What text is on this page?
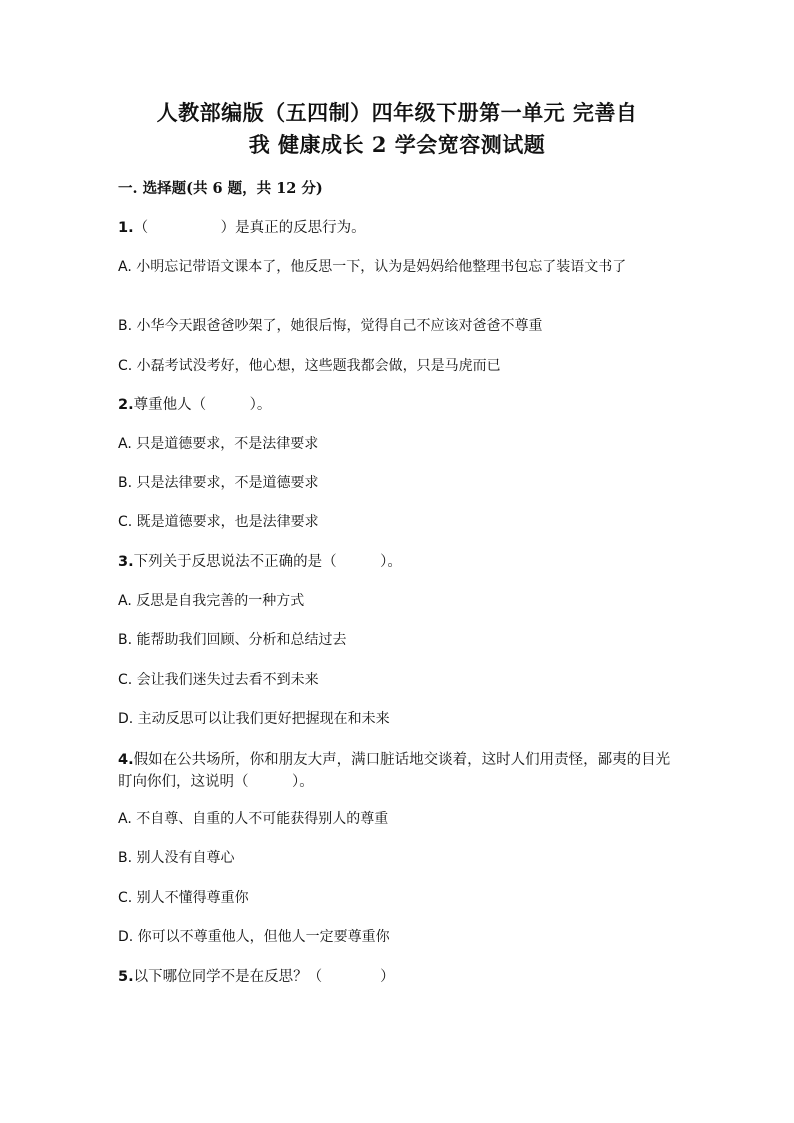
人教部编版（五四制）四年级下册第一单元 完善自
我 健康成长 2 学会宽容测试题
一. 选择题(共 6 题，共 12 分)
1.（　　　　　）是真正的反思行为。
A. 小明忘记带语文课本了，他反思一下，认为是妈妈给他整理书包忘了装语文书了
B. 小华今天跟爸爸吵架了，她很后悔，觉得自己不应该对爸爸不尊重
C. 小磊考试没考好，他心想，这些题我都会做，只是马虎而已
2.尊重他人（　　　）。
A. 只是道德要求，不是法律要求
B. 只是法律要求，不是道德要求
C. 既是道德要求，也是法律要求
3.下列关于反思说法不正确的是（　　　）。
A. 反思是自我完善的一种方式
B. 能帮助我们回顾、分析和总结过去
C. 会让我们迷失过去看不到未来
D. 主动反思可以让我们更好把握现在和未来
4.假如在公共场所，你和朋友大声，满口脏话地交谈着，这时人们用责怪，鄙夷的目光盯向你们，这说明（　　　）。
A. 不自尊、自重的人不可能获得别人的尊重
B. 别人没有自尊心
C. 别人不懂得尊重你
D. 你可以不尊重他人，但他人一定要尊重你
5.以下哪位同学不是在反思？（　　　　）
